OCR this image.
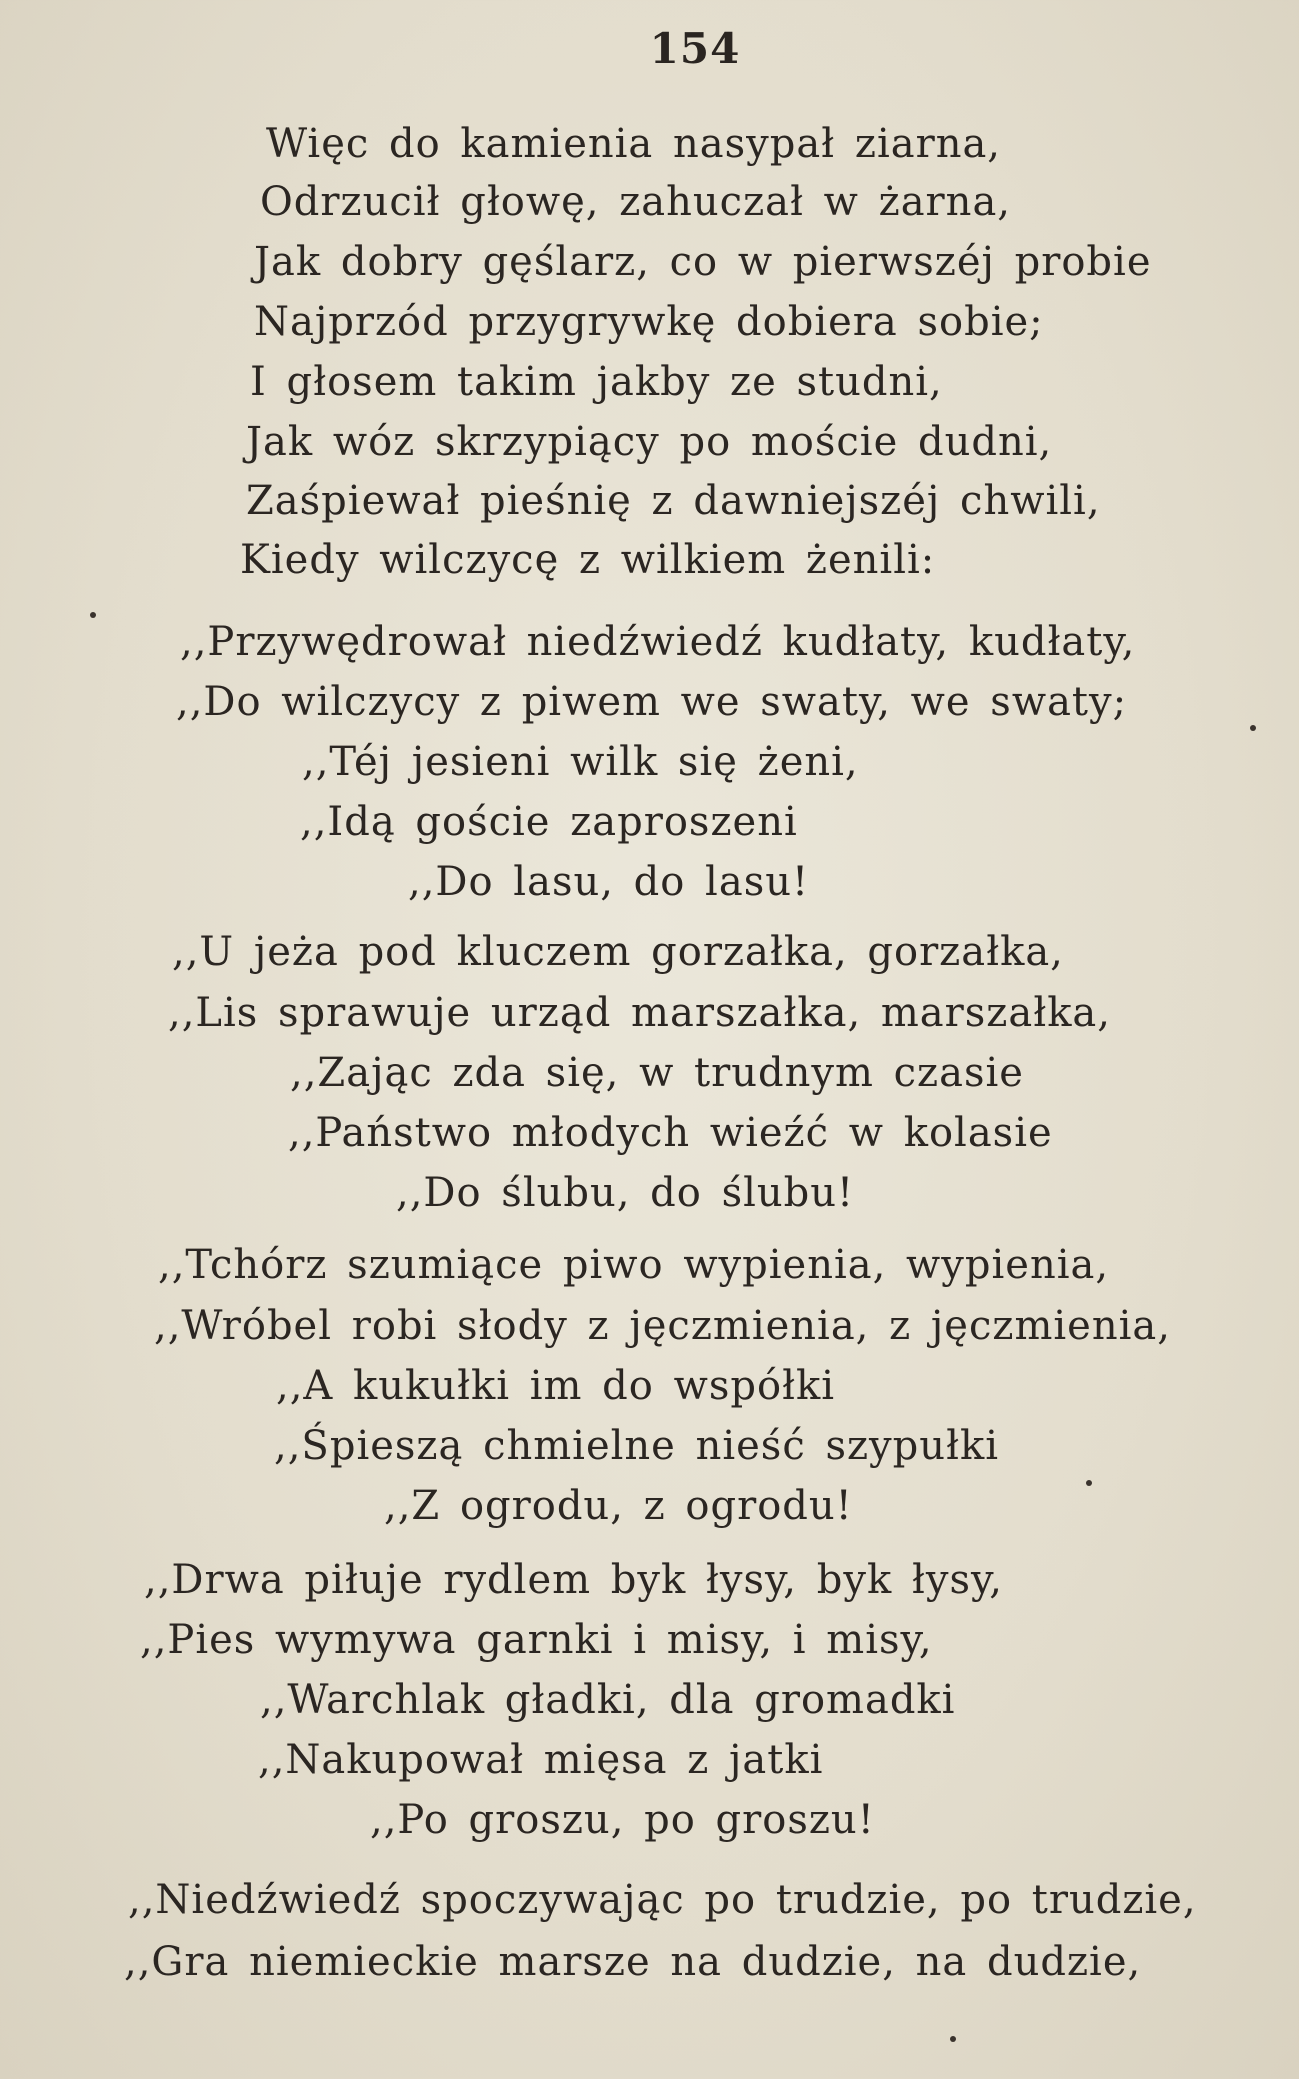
154
Więc do kamienia nasypał ziarna,
Odrzucił głowę, zahuczał w żarna,
Jak dobry gęślarz, co w pierwszéj probie
Najprzód przygrywkę dobiera sobie;
I głosem takim jakby ze studni,
Jak wóz skrzypiący po moście dudni,
Zaśpiewał pieśnię z dawniejszéj chwili,
Kiedy wilczycę z wilkiem żenili:
,,Przywędrował niedźwiedź kudłaty, kudłaty,
,,Do wilczycy z piwem we swaty, we swaty;
,,Téj jesieni wilk się żeni,
,,Idą goście zaproszeni
,,Do lasu, do lasu!
,,U jeża pod kluczem gorzałka, gorzałka,
,,Lis sprawuje urząd marszałka, marszałka,
,,Zając zda się, w trudnym czasie
,,Państwo młodych wieźć w kolasie
,,Do ślubu, do ślubu!
,,Tchórz szumiące piwo wypienia, wypienia,
,,Wróbel robi słody z jęczmienia, z jęczmienia,
,,A kukułki im do współki
,,Śpieszą chmielne nieść szypułki
,,Z ogrodu, z ogrodu!
,,Drwa piłuje rydlem byk łysy, byk łysy,
,,Pies wymywa garnki i misy, i misy,
,,Warchlak gładki, dla gromadki
,,Nakupował mięsa z jatki
,,Po groszu, po groszu!
,,Niedźwiedź spoczywając po trudzie, po trudzie,
,,Gra niemieckie marsze na dudzie, na dudzie,
